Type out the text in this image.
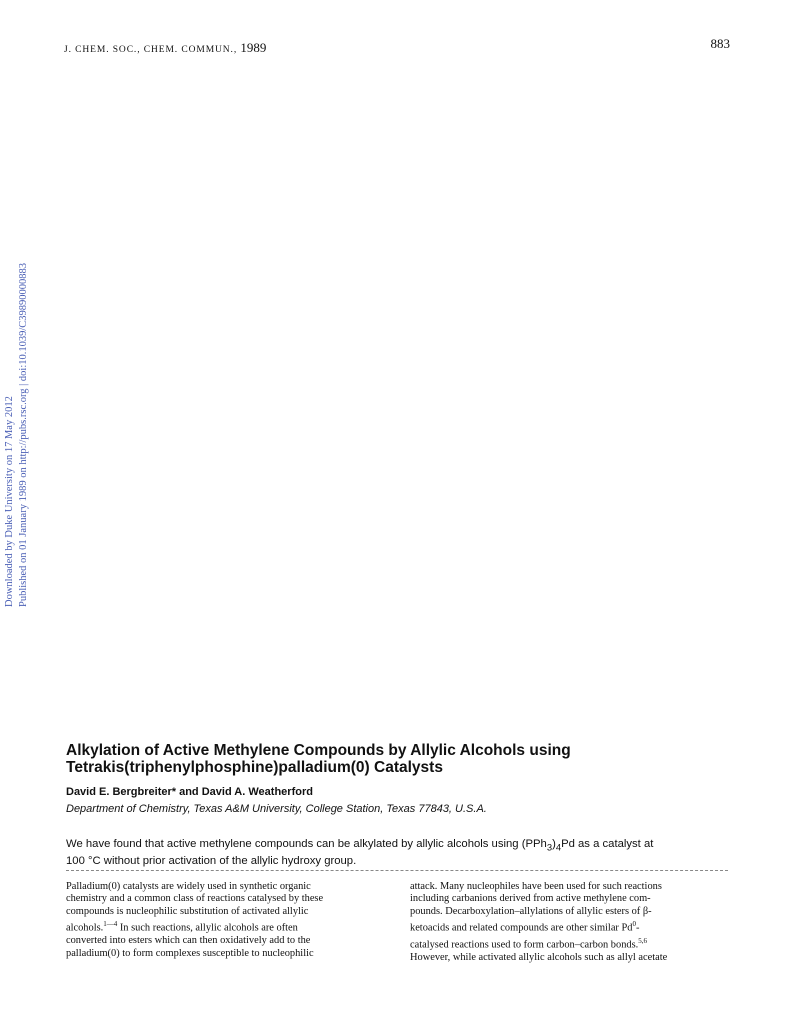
J. CHEM. SOC., CHEM. COMMUN., 1989	883
Downloaded by Duke University on 17 May 2012 Published on 01 January 1989 on http://pubs.rsc.org | doi:10.1039/C39890000883
Alkylation of Active Methylene Compounds by Allylic Alcohols using
Tetrakis(triphenylphosphine)palladium(0) Catalysts
David E. Bergbreiter* and David A. Weatherford
Department of Chemistry, Texas A&M University, College Station, Texas 77843, U.S.A.

We have found that active methylene compounds can be alkylated by allylic alcohols using $(PPh_3)_4Pd$ as a catalyst at
100 °C without prior activation of the allylic hydroxy group.

Palladium(0) catalysts are widely used in synthetic organic
chemistry and a common class of reactions catalysed by these
compounds is nucleophilic substitution of activated allylic
alcohols.$^{1—4}$ In such reactions, allylic alcohols are often
converted into esters which can then oxidatively add to the
palladium(0) to form complexes susceptible to nucleophilic
attack. Many nucleophiles have been used for such reactions
including carbanions derived from active methylene com-
pounds. Decarboxylation–allylations of allylic esters of β-
ketoacids and related compounds are other similar Pd$^0$-
catalysed reactions used to form carbon–carbon bonds.$^{5,6}$
However, while activated allylic alcohols such as allyl acetate
